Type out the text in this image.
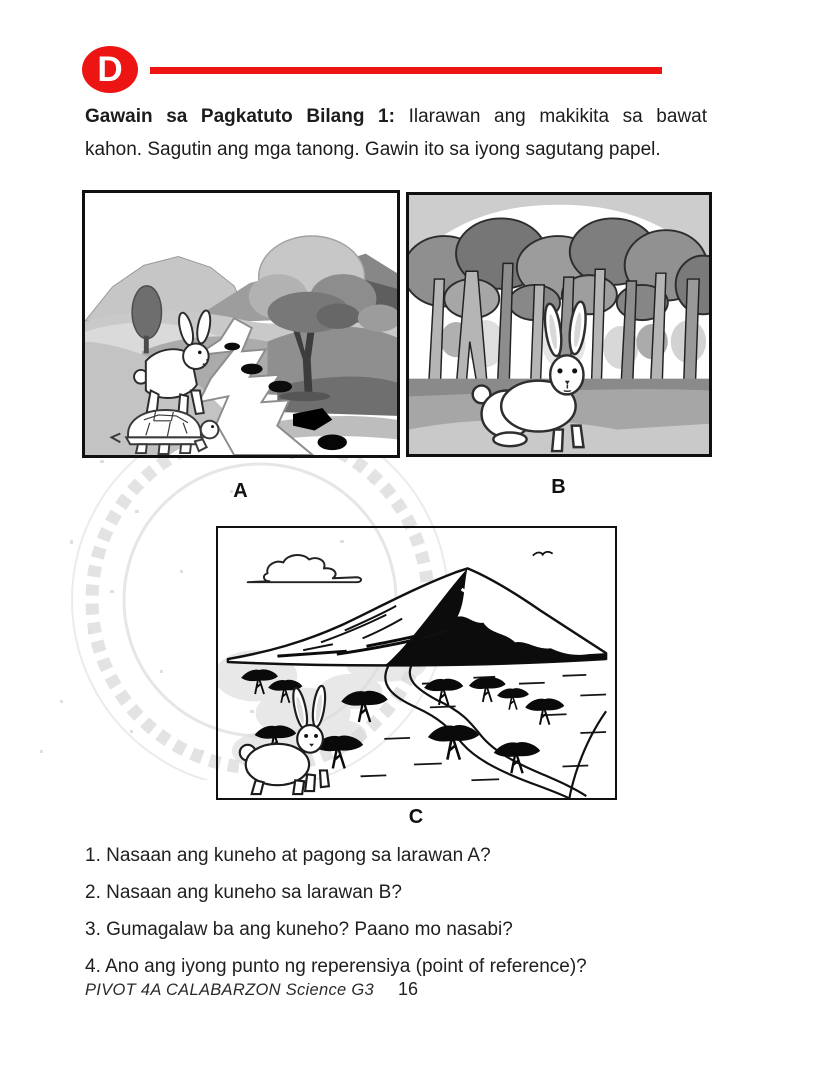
D
Gawain sa Pagkatuto Bilang 1: Ilarawan ang makikita sa bawat
kahon. Sagutin ang mga tanong. Gawin ito sa iyong sagutang papel.
A	B
C
1. Nasaan ang kuneho at pagong sa larawan A?
2. Nasaan ang kuneho sa larawan B?
3. Gumagalaw ba ang kuneho? Paano mo nasabi?
4. Ano ang iyong punto ng reperensiya (point of reference)?
PIVOT 4A CALABARZON Science G3 16
